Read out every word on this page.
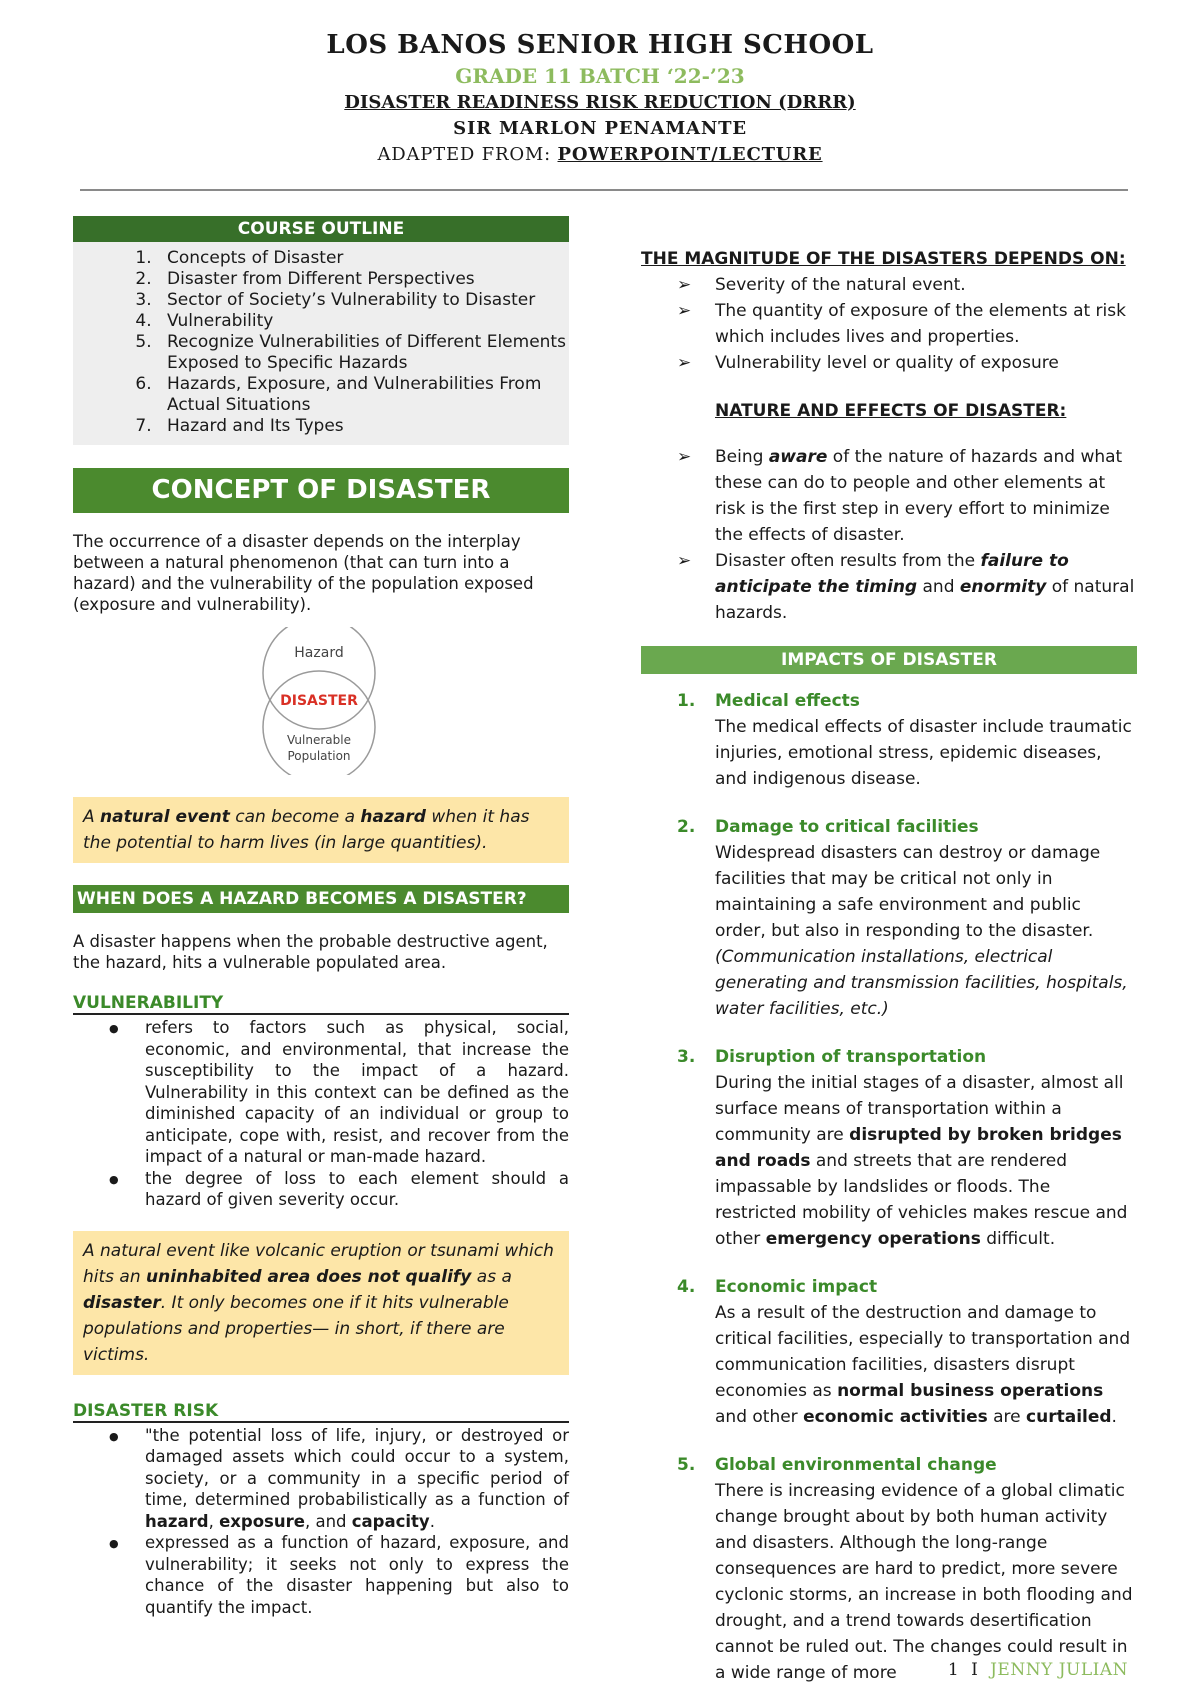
LOS BANOS SENIOR HIGH SCHOOL
GRADE 11 BATCH ‘22-’23
DISASTER READINESS RISK REDUCTION (DRRR)
SIR MARLON PENAMANTE
ADAPTED FROM: POWERPOINT/LECTURE
COURSE OUTLINE
1. Concepts of Disaster
2. Disaster from Different Perspectives
3. Sector of Society’s Vulnerability to Disaster
4. Vulnerability
5. Recognize Vulnerabilities of Different Elements Exposed to Specific Hazards
6. Hazards, Exposure, and Vulnerabilities From Actual Situations
7. Hazard and Its Types
CONCEPT OF DISASTER

The occurrence of a disaster depends on the interplay between a natural phenomenon (that can turn into a hazard) and the vulnerability of the population exposed (exposure and vulnerability).

Hazard
DISASTER
Vulnerable
Population
A natural event can become a hazard when it has the potential to harm lives (in large quantities).
WHEN DOES A HAZARD BECOMES A DISASTER?

A disaster happens when the probable destructive agent, the hazard, hits a vulnerable populated area.

VULNERABILITY
● refers to factors such as physical, social, economic, and environmental, that increase the susceptibility to the impact of a hazard. Vulnerability in this context can be defined as the diminished capacity of an individual or group to anticipate, cope with, resist, and recover from the impact of a natural or man-made hazard.
● the degree of loss to each element should a hazard of given severity occur.
A natural event like volcanic eruption or tsunami which hits an uninhabited area does not qualify as a disaster. It only becomes one if it hits vulnerable populations and properties— in short, if there are victims.
DISASTER RISK
● "the potential loss of life, injury, or destroyed or damaged assets which could occur to a system, society, or a community in a specific period of time, determined probabilistically as a function of hazard, exposure, and capacity.
● expressed as a function of hazard, exposure, and vulnerability; it seeks not only to express the chance of the disaster happening but also to quantify the impact.
THE MAGNITUDE OF THE DISASTERS DEPENDS ON:
➢ Severity of the natural event.
➢ The quantity of exposure of the elements at risk which includes lives and properties.
➢ Vulnerability level or quality of exposure
NATURE AND EFFECTS OF DISASTER:
➢ Being aware of the nature of hazards and what these can do to people and other elements at risk is the first step in every effort to minimize the effects of disaster.
➢ Disaster often results from the failure to anticipate the timing and enormity of natural hazards.
IMPACTS OF DISASTER
1. Medical effects
The medical effects of disaster include traumatic injuries, emotional stress, epidemic diseases, and indigenous disease.
2. Damage to critical facilities
Widespread disasters can destroy or damage facilities that may be critical not only in maintaining a safe environment and public order, but also in responding to the disaster. (Communication installations, electrical generating and transmission facilities, hospitals, water facilities, etc.)
3. Disruption of transportation
During the initial stages of a disaster, almost all surface means of transportation within a community are disrupted by broken bridges and roads and streets that are rendered impassable by landslides or floods. The restricted mobility of vehicles makes rescue and other emergency operations difficult.
4. Economic impact
As a result of the destruction and damage to critical facilities, especially to transportation and communication facilities, disasters disrupt economies as normal business operations and other economic activities are curtailed.
5. Global environmental change
There is increasing evidence of a global climatic change brought about by both human activity and disasters. Although the long-range consequences are hard to predict, more severe cyclonic storms, an increase in both flooding and drought, and a trend towards desertification cannot be ruled out. The changes could result in a wide range of more	1 I JENNY JULIAN
